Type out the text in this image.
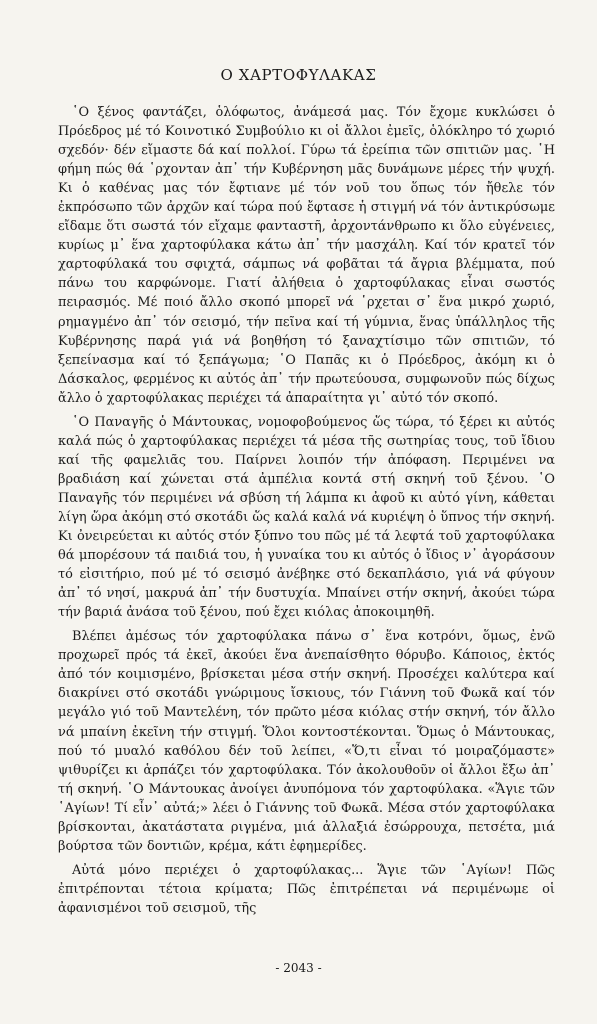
Ο ΧΑΡΤΟΦΥΛΑΚΑΣ

῾Ο ξένος φαντάζει, ὁλόφωτος, ἀνάμεσά μας. Τόν ἔχομε κυκλώσει ὁ Πρόεδρος μέ τό Κοινοτικό Συμβούλιο κι οἱ ἄλλοι ἐμεῖς, ὁλόκληρο τό χωριό σχεδόν· δέν εἴμαστε δά καί πολλοί. Γύρω τά ἐρείπια τῶν σπιτιῶν μας. ῾Η φήμη πώς θά ῾ρχονταν ἀπ᾿ τήν Κυβέρνηση μᾶς δυνάμωνε μέρες τήν ψυχή. Κι ὁ καθένας μας τόν ἔφτιανε μέ τόν νοῦ του ὅπως τόν ἤθελε τόν ἐκπρόσωπο τῶν ἀρχῶν καί τώρα πού ἔφτασε ἡ στιγμή νά τόν ἀντικρύσωμε εἴδαμε ὅτι σωστά τόν εἴχαμε φανταστῆ, ἀρχοντάνθρωπο κι ὅλο εὐγένειες, κυρίως μ᾿ ἕνα χαρτοφύλακα κάτω ἀπ᾿ τήν μασχάλη. Καί τόν κρατεῖ τόν χαρτοφύλακά του σφιχτά, σάμπως νά φοβᾶται τά ἄγρια βλέμματα, πού πάνω του καρφώνομε. Γιατί ἀλήθεια ὁ χαρτοφύλακας εἶναι σωστός πειρασμός. Μέ ποιό ἄλλο σκοπό μπορεῖ νά ῾ρχεται σ᾿ ἕνα μικρό χωριό, ρημαγμένο ἀπ᾿ τόν σεισμό, τήν πεῖνα καί τή γύμνια, ἕνας ὑπάλληλος τῆς Κυβέρνησης παρά γιά νά βοηθήση τό ξαναχτίσιμο τῶν σπιτιῶν, τό ξεπείνασμα καί τό ξεπάγωμα; ῾Ο Παπᾶς κι ὁ Πρόεδρος, ἀκόμη κι ὁ Δάσκαλος, φερμένος κι αὐτός ἀπ᾿ τήν πρωτεύουσα, συμφωνοῦν πώς δίχως ἄλλο ὁ χαρτοφύλακας περιέχει τά ἀπαραίτητα γι᾿ αὐτό τόν σκοπό.

῾Ο Παναγῆς ὁ Μάντουκας, νομοφοβούμενος ὥς τώρα, τό ξέρει κι αὐτός καλά πώς ὁ χαρτοφύλακας περιέχει τά μέσα τῆς σωτηρίας τους, τοῦ ἴδιου καί τῆς φαμελιᾶς του. Παίρνει λοιπόν τήν ἀπόφαση. Περιμένει να βραδιάση καί χώνεται στά ἀμπέλια κοντά στή σκηνή τοῦ ξένου. ῾Ο Παναγῆς τόν περιμένει νά σβύση τή λάμπα κι ἀφοῦ κι αὐτό γίνη, κάθεται λίγη ὥρα ἀκόμη στό σκοτάδι ὥς καλά καλά νά κυριέψη ὁ ὕπνος τήν σκηνή. Κι ὀνειρεύεται κι αὐτός στόν ξύπνο του πῶς μέ τά λεφτά τοῦ χαρτοφύλακα θά μπορέσουν τά παιδιά του, ἡ γυναίκα του κι αὐτός ὁ ἴδιος ν᾿ ἀγοράσουν τό εἰσιτήριο, πού μέ τό σεισμό ἀνέβηκε στό δεκαπλάσιο, γιά νά φύγουν ἀπ᾿ τό νησί, μακρυά ἀπ᾿ τήν δυστυχία. Μπαίνει στήν σκηνή, ἀκούει τώρα τήν βαριά ἀνάσα τοῦ ξένου, πού ἔχει κιόλας ἀποκοιμηθῆ.

Βλέπει ἀμέσως τόν χαρτοφύλακα πάνω σ᾿ ἕνα κοτρόνι, ὅμως, ἐνῶ προχωρεῖ πρός τά ἐκεῖ, ἀκούει ἕνα ἀνεπαίσθητο θόρυβο. Κάποιος, ἐκτός ἀπό τόν κοιμισμένο, βρίσκεται μέσα στήν σκηνή. Προσέχει καλύτερα καί διακρίνει στό σκοτάδι γνώριμους ἴσκιους, τόν Γιάννη τοῦ Φωκᾶ καί τόν μεγάλο γιό τοῦ Μαντελένη, τόν πρῶτο μέσα κιόλας στήν σκηνή, τόν ἄλλο νά μπαίνη ἐκεῖνη τήν στιγμή. Ὅλοι κοντοστέκονται. Ὅμως ὁ Μάντουκας, πού τό μυαλό καθόλου δέν τοῦ λείπει, «Ὅ,τι εἶναι τό μοιραζόμαστε» ψιθυρίζει κι ἁρπάζει τόν χαρτοφύλακα. Τόν ἀκολουθοῦν οἱ ἄλλοι ἔξω ἀπ᾿ τή σκηνή. ῾Ο Μάντουκας ἀνοίγει ἀνυπόμονα τόν χαρτοφύλακα. «Ἅγιε τῶν ῾Αγίων! Τί εἶν᾿ αὐτά;» λέει ὁ Γιάννης τοῦ Φωκᾶ. Μέσα στόν χαρτοφύλακα βρίσκονται, ἀκατάστατα ριγμένα, μιά ἀλλαξιά ἐσώρρουχα, πετσέτα, μιά βούρτσα τῶν δοντιῶν, κρέμα, κάτι ἐφημερίδες.

Αὐτά μόνο περιέχει ὁ χαρτοφύλακας... Ἅγιε τῶν ῾Αγίων! Πῶς ἐπιτρέπονται τέτοια κρίματα; Πῶς ἐπιτρέπεται νά περιμένωμε οἱ ἀφανισμένοι τοῦ σεισμοῦ, τῆς

- 2043 -
